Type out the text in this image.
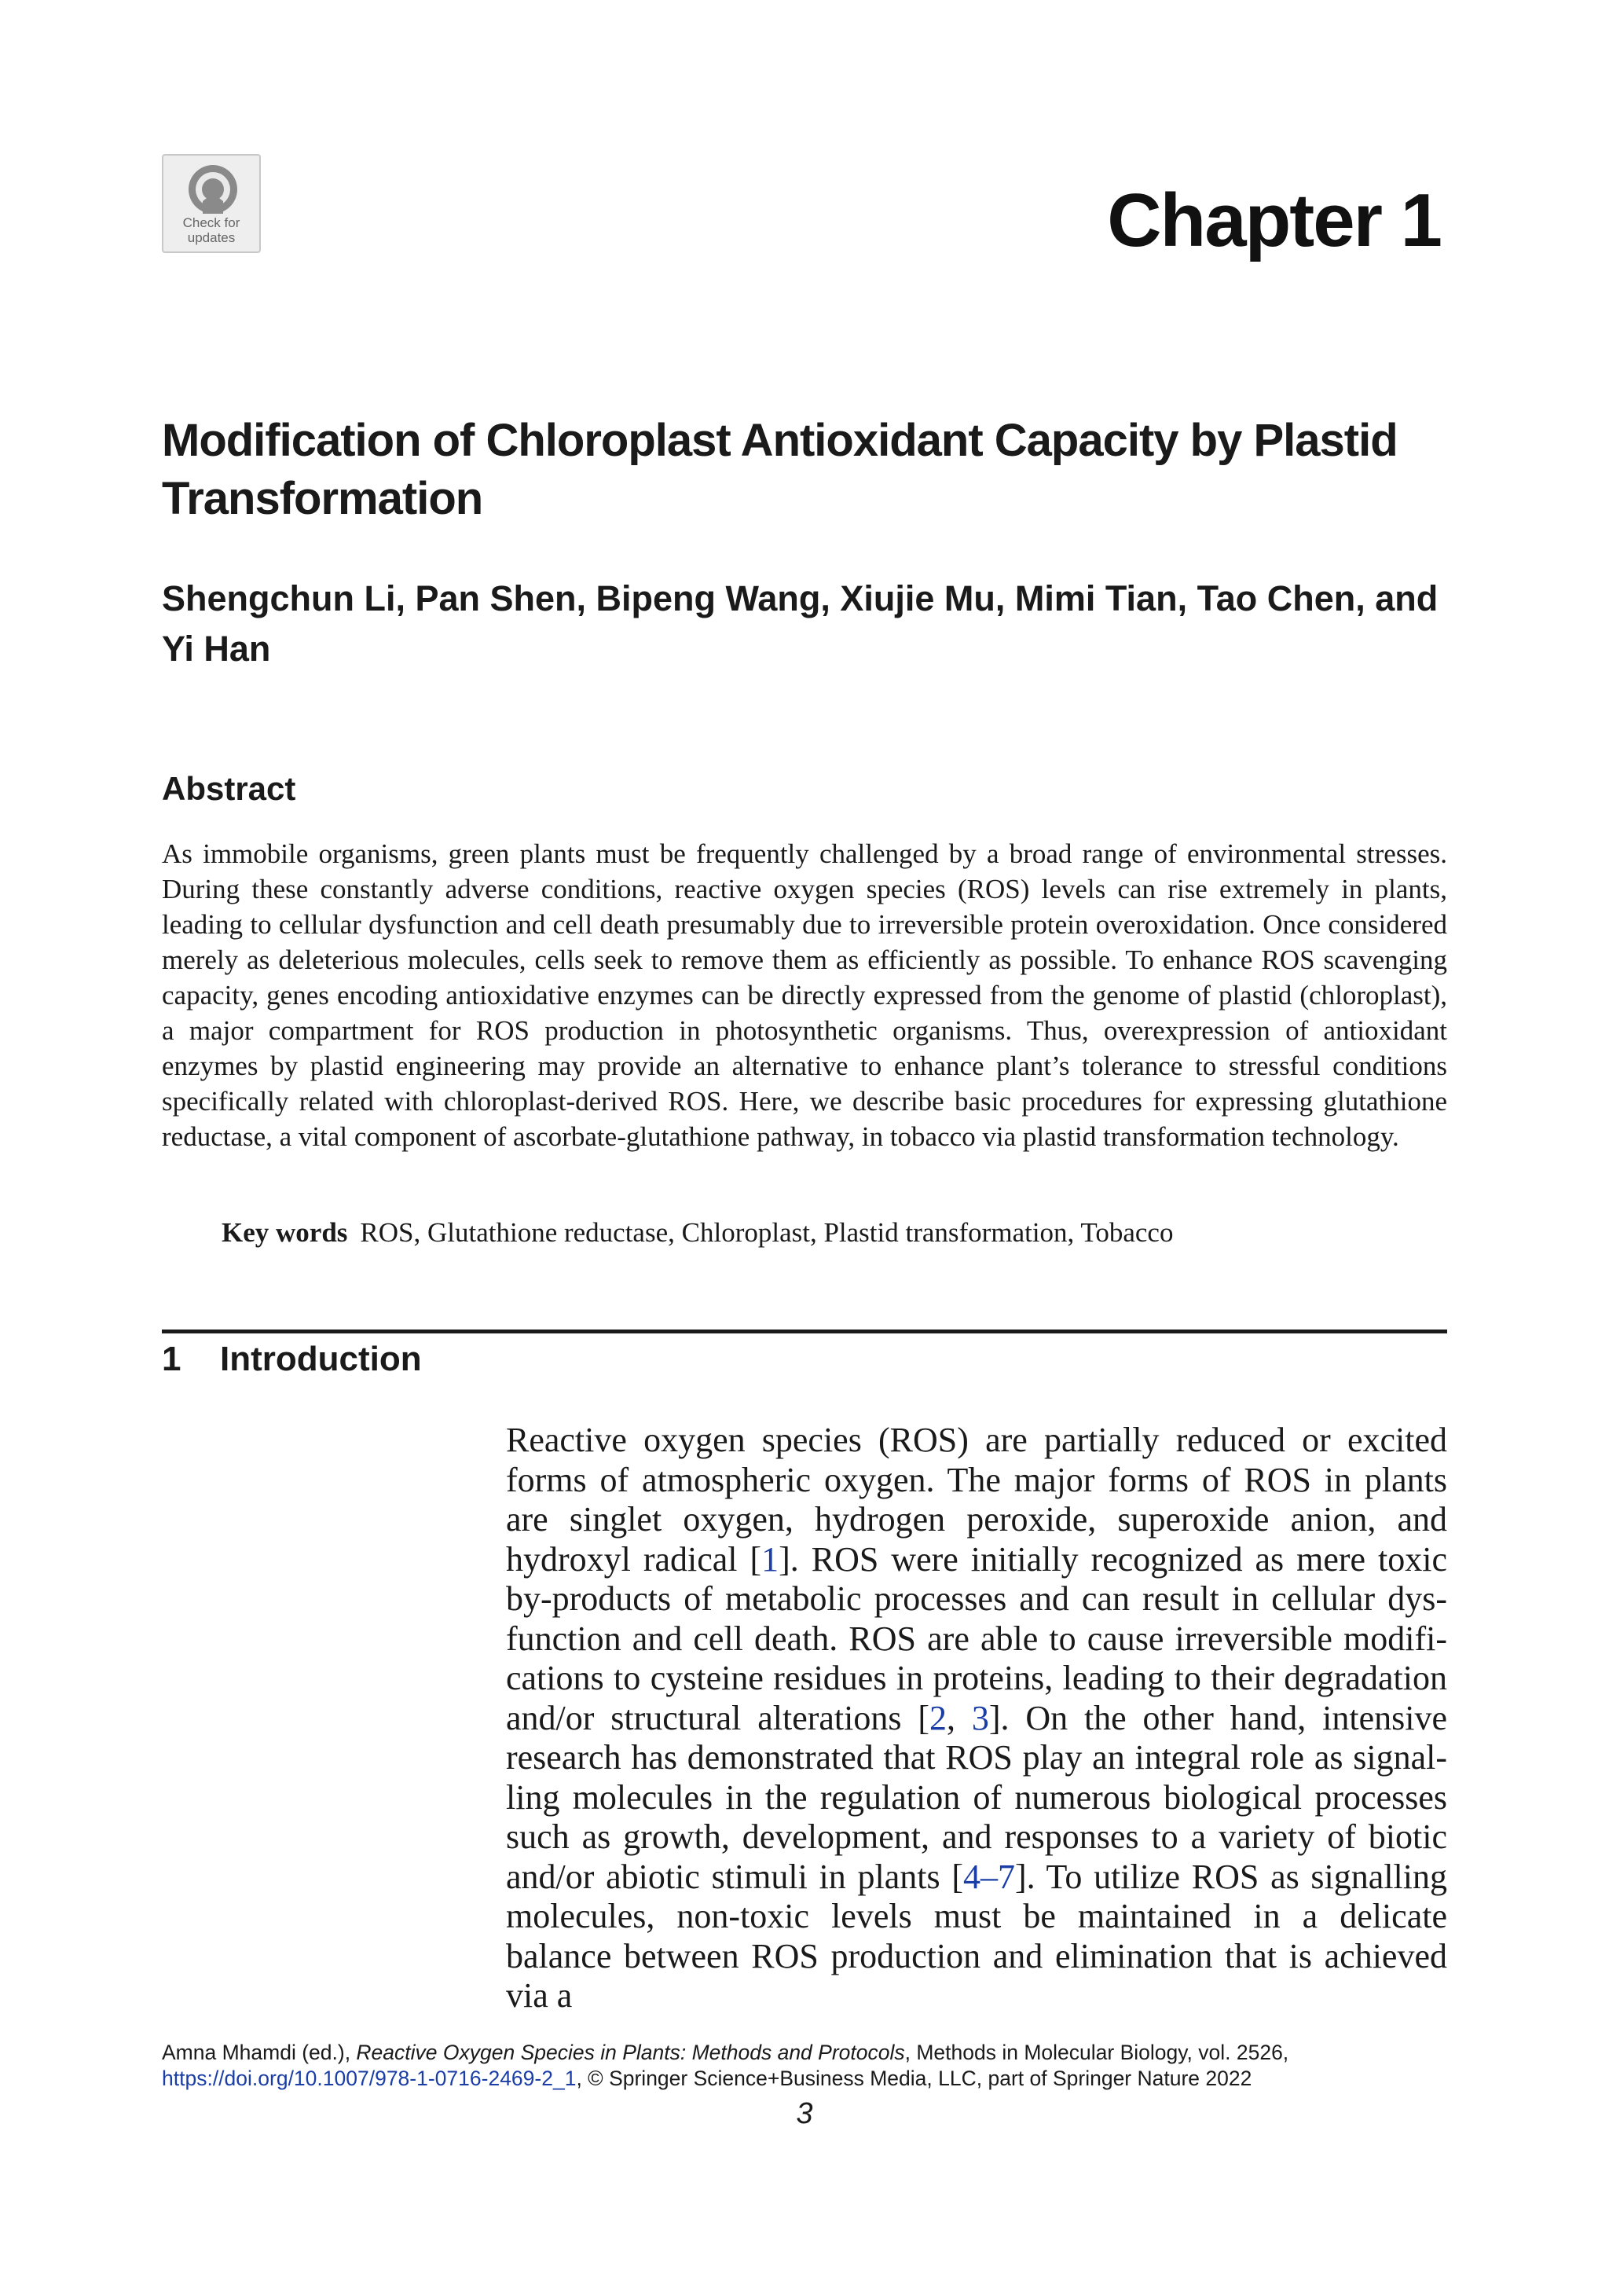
Check for
updates	Chapter 1
Modification of Chloroplast Antioxidant Capacity by Plastid Transformation

Shengchun Li, Pan Shen, Bipeng Wang, Xiujie Mu, Mimi Tian, Tao Chen, and Yi Han

Abstract

As immobile organisms, green plants must be frequently challenged by a broad range of environmental stresses. During these constantly adverse conditions, reactive oxygen species (ROS) levels can rise extremely in plants, leading to cellular dysfunction and cell death presumably due to irreversible protein overoxidation. Once considered merely as deleterious molecules, cells seek to remove them as efficiently as possible. To enhance ROS scavenging capacity, genes encoding antioxidative enzymes can be directly expressed from the genome of plastid (chloroplast), a major compartment for ROS production in photosynthetic organisms. Thus, overexpression of antioxidant enzymes by plastid engineering may provide an alternative to enhance plant’s tolerance to stressful conditions specifically related with chloroplast-derived ROS. Here, we describe basic procedures for expressing glutathione reductase, a vital component of ascorbate-glutathione pathway, in tobacco via plastid transformation technology.

Key words ROS, Glutathione reductase, Chloroplast, Plastid transformation, Tobacco

1 Introduction

Reactive oxygen species (ROS) are partially reduced or excited forms of atmospheric oxygen. The major forms of ROS in plants are singlet oxygen, hydrogen peroxide, superoxide anion, and hydroxyl radical [1]. ROS were initially recognized as mere toxic by-products of metabolic processes and can result in cellular dysfunction and cell death. ROS are able to cause irreversible modifications to cysteine residues in proteins, leading to their degradation and/or structural alterations [2, 3]. On the other hand, intensive research has demonstrated that ROS play an integral role as signalling molecules in the regulation of numerous biological processes such as growth, development, and responses to a variety of biotic and/or abiotic stimuli in plants [4–7]. To utilize ROS as signalling molecules, non-toxic levels must be maintained in a delicate balance between ROS production and elimination that is achieved via a

Amna Mhamdi (ed.), Reactive Oxygen Species in Plants: Methods and Protocols, Methods in Molecular Biology, vol. 2526,
https://doi.org/10.1007/978-1-0716-2469-2_1, © Springer Science+Business Media, LLC, part of Springer Nature 2022
3
